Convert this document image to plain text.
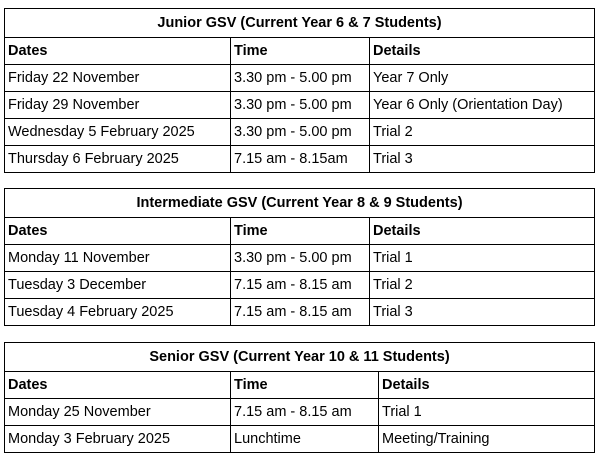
Junior GSV (Current Year 6 & 7 Students)		
Dates	Time	Details
Friday 22 November	3.30 pm - 5.00 pm	Year 7 Only
Friday 29 November	3.30 pm - 5.00 pm	Year 6 Only (Orientation Day)
Wednesday 5 February 2025	3.30 pm - 5.00 pm	Trial 2
Thursday 6 February 2025	7.15 am - 8.15am	Trial 3
Intermediate GSV (Current Year 8 & 9 Students)		
Dates	Time	Details
Monday 11 November	3.30 pm - 5.00 pm	Trial 1
Tuesday 3 December	7.15 am - 8.15 am	Trial 2
Tuesday 4 February 2025	7.15 am - 8.15 am	Trial 3
Senior GSV (Current Year 10 & 11 Students)		
Dates	Time	Details
Monday 25 November	7.15 am - 8.15 am	Trial 1
Monday 3 February 2025	Lunchtime	Meeting/Training
